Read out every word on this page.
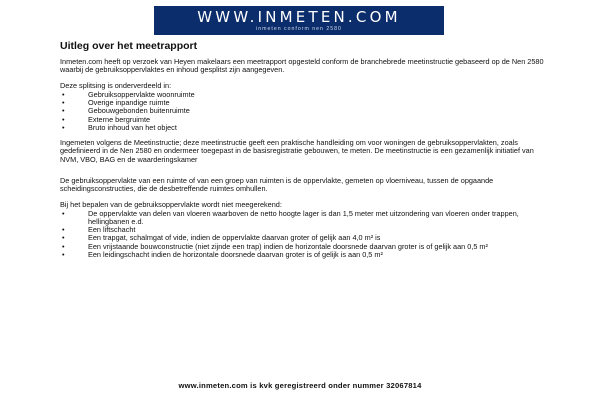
WWW.INMETEN.COM
inmeten conform nen 2580
Uitleg over het meetrapport

Inmeten.com heeft op verzoek van Heyen makelaars een meetrapport opgesteld conform de branchebrede meetinstructie gebaseerd op de Nen 2580 waarbij de gebruiksoppervlaktes en inhoud gesplitst zijn aangegeven.

Deze splitsing is onderverdeeld in:

• Gebruiksoppervlakte woonruimte
• Overige inpandige ruimte
• Gebouwgebonden buitenruimte
• Externe bergruimte
• Bruto inhoud van het object

Ingemeten volgens de Meetinstructie; deze meetinstructie geeft een praktische handleiding om voor woningen de gebruiksoppervlakten, zoals gedefinieerd in de Nen 2580 en ondermeer toegepast in de basisregistratie gebouwen, te meten. De meetinstructie is een gezamenlijk initiatief van NVM, VBO, BAG en de waarderingskamer

De gebruiksoppervlakte van een ruimte of van een groep van ruimten is de oppervlakte, gemeten op vloerniveau, tussen de opgaande scheidingsconstructies, die de desbetreffende ruimtes omhullen.

Bij het bepalen van de gebruiksoppervlakte wordt niet meegerekend:

• De oppervlakte van delen van vloeren waarboven de netto hoogte lager is dan 1,5 meter met uitzondering van vloeren onder trappen, hellingbanen e.d.
• Een liftschacht
• Een trapgat, schalmgat of vide, indien de oppervlakte daarvan groter of gelijk aan 4,0 m² is
• Een vrijstaande bouwconstructie (niet zijnde een trap) indien de horizontale doorsnede daarvan groter is of gelijk aan 0,5 m²
• Een leidingschacht indien de horizontale doorsnede daarvan groter is of gelijk is aan 0,5 m²
www.inmeten.com is kvk geregistreerd onder nummer 32067814
